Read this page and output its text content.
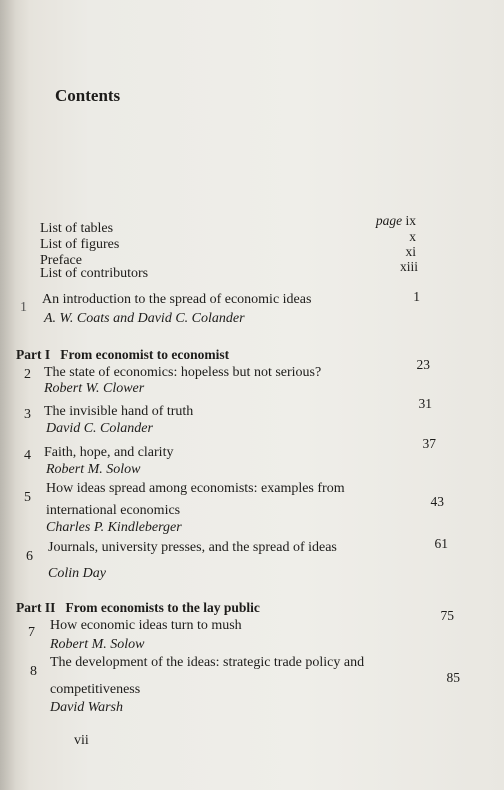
Contents
List of tables
page ix
List of figures
x
Preface
xi
List of contributors	xiii
1
An introduction to the spread of economic ideas
A. W. Coats and David C. Colander
1
Part I From economist to economist
2 The state of economics: hopeless but not serious?
Robert W. Clower
23
3 The invisible hand of truth
David C. Colander
31
4 Faith, hope, and clarity
Robert M. Solow
37
5
How ideas spread among economists: examples from
international economics
Charles P. Kindleberger
43
6
Journals, university presses, and the spread of ideas
Colin Day
61
Part II From economists to the lay public
7 How economic ideas turn to mush
Robert M. Solow
75
8
The development of the ideas: strategic trade policy and
competitiveness
David Warsh
85
vii
